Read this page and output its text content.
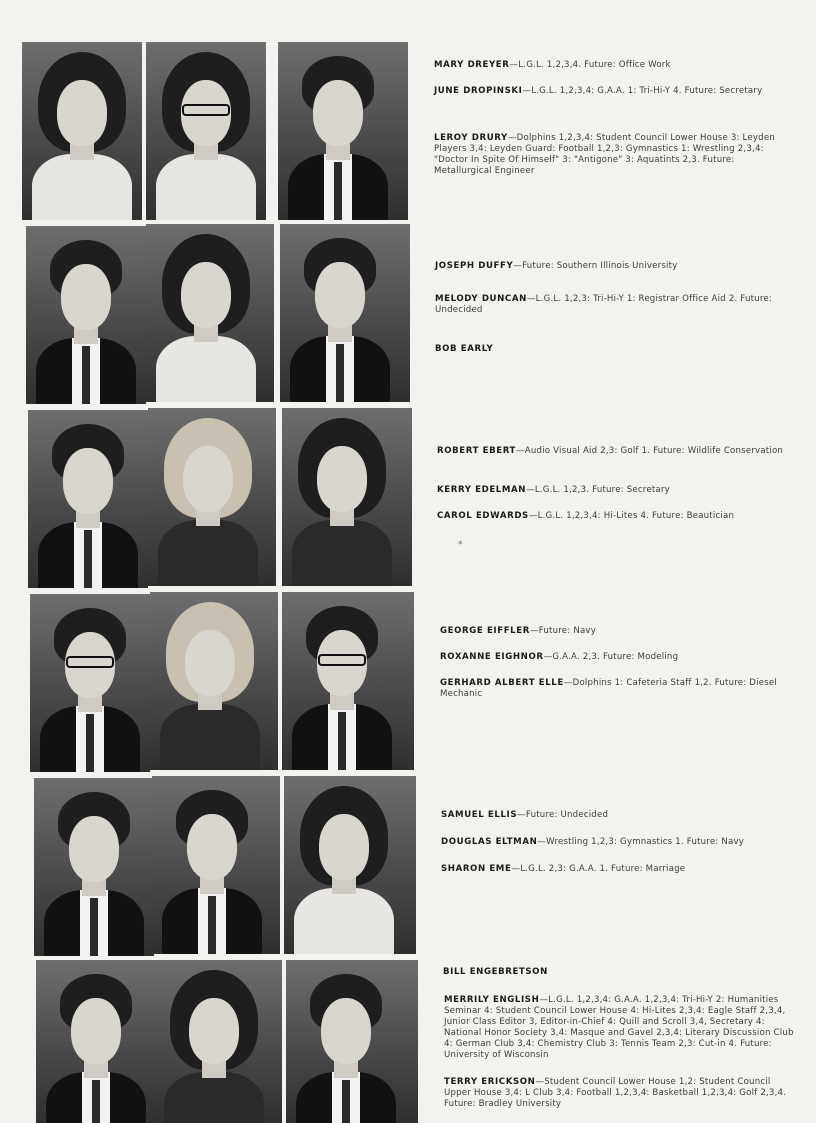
MARY DREYER—L.G.L. 1,2,3,4. Future: Office Work
JUNE DROPINSKI—L.G.L. 1,2,3,4: G.A.A. 1: Tri-Hi-Y 4. Future: Secretary
LEROY DRURY—Dolphins 1,2,3,4: Student Council Lower House 3: Leyden Players 3,4: Leyden Guard: Football 1,2,3: Gymnastics 1: Wrestling 2,3,4: "Doctor In Spite Of Himself" 3: "Antigone" 3: Aquatints 2,3. Future: Metallurgical Engineer
JOSEPH DUFFY—Future: Southern Illinois University
MELODY DUNCAN—L.G.L. 1,2,3: Tri-Hi-Y 1: Registrar Office Aid 2. Future: Undecided
BOB EARLY
ROBERT EBERT—Audio Visual Aid 2,3: Golf 1. Future: Wildlife Conservation
KERRY EDELMAN—L.G.L. 1,2,3. Future: Secretary
CAROL EDWARDS—L.G.L. 1,2,3,4: Hi-Lites 4. Future: Beautician
GEORGE EIFFLER—Future: Navy
ROXANNE EIGHNOR—G.A.A. 2,3. Future: Modeling
GERHARD ALBERT ELLE—Dolphins 1: Cafeteria Staff 1,2. Future: Diesel Mechanic
SAMUEL ELLIS—Future: Undecided
DOUGLAS ELTMAN—Wrestling 1,2,3: Gymnastics 1. Future: Navy
SHARON EME—L.G.L. 2,3: G.A.A. 1. Future: Marriage
BILL ENGEBRETSON
MERRILY ENGLISH—L.G.L. 1,2,3,4: G.A.A. 1,2,3,4: Tri-Hi-Y 2: Humanities Seminar 4: Student Council Lower House 4: Hi-Lites 2,3,4: Eagle Staff 2,3,4, Junior Class Editor 3, Editor-in-Chief 4: Quill and Scroll 3,4, Secretary 4: National Honor Society 3,4: Masque and Gavel 2,3,4: Literary Discussion Club 4: German Club 3,4: Chemistry Club 3: Tennis Team 2,3: Cut-in 4. Future: University of Wisconsin
TERRY ERICKSON—Student Council Lower House 1,2: Student Council Upper House 3,4: L Club 3,4: Football 1,2,3,4: Basketball 1,2,3,4: Golf 2,3,4. Future: Bradley University
*
